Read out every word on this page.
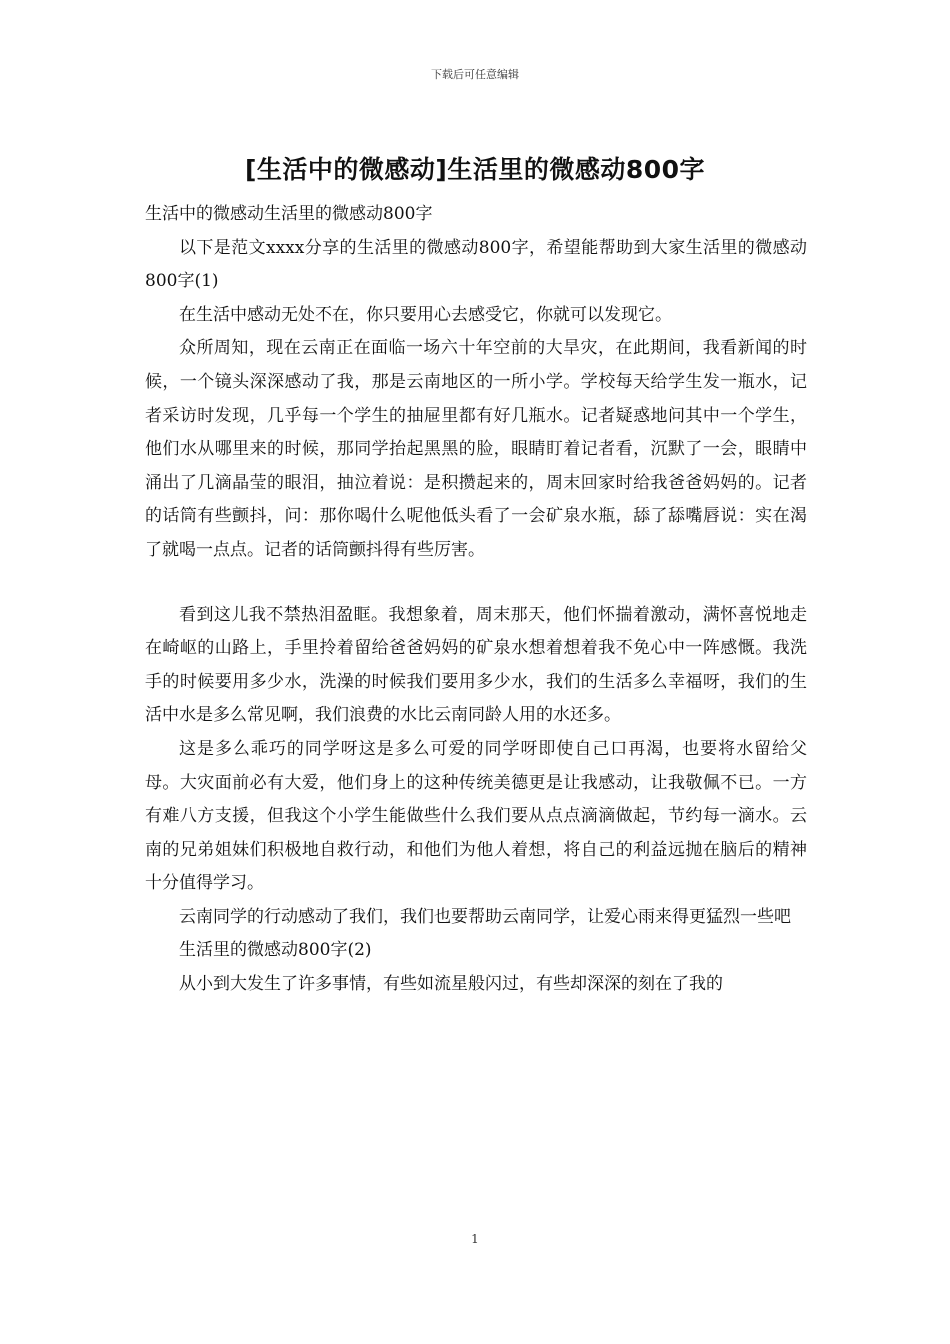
下载后可任意编辑
[生活中的微感动]生活里的微感动800字

生活中的微感动生活里的微感动800字

以下是范文xxxx分享的生活里的微感动800字，希望能帮助到大家生活里的微感动800字(1)

在生活中感动无处不在，你只要用心去感受它，你就可以发现它。

众所周知，现在云南正在面临一场六十年空前的大旱灾，在此期间，我看新闻的时候，一个镜头深深感动了我，那是云南地区的一所小学。学校每天给学生发一瓶水，记者采访时发现，几乎每一个学生的抽屉里都有好几瓶水。记者疑惑地问其中一个学生，他们水从哪里来的时候，那同学抬起黑黑的脸，眼睛盯着记者看，沉默了一会，眼睛中涌出了几滴晶莹的眼泪，抽泣着说：是积攒起来的，周末回家时给我爸爸妈妈的。记者的话筒有些颤抖，问：那你喝什么呢他低头看了一会矿泉水瓶，舔了舔嘴唇说：实在渴了就喝一点点。记者的话筒颤抖得有些厉害。

看到这儿我不禁热泪盈眶。我想象着，周末那天，他们怀揣着激动，满怀喜悦地走在崎岖的山路上，手里拎着留给爸爸妈妈的矿泉水想着想着我不免心中一阵感慨。我洗手的时候要用多少水，洗澡的时候我们要用多少水，我们的生活多么幸福呀，我们的生活中水是多么常见啊，我们浪费的水比云南同龄人用的水还多。

这是多么乖巧的同学呀这是多么可爱的同学呀即使自己口再渴，也要将水留给父母。大灾面前必有大爱，他们身上的这种传统美德更是让我感动，让我敬佩不已。一方有难八方支援，但我这个小学生能做些什么我们要从点点滴滴做起，节约每一滴水。云南的兄弟姐妹们积极地自救行动，和他们为他人着想，将自己的利益远抛在脑后的精神十分值得学习。

云南同学的行动感动了我们，我们也要帮助云南同学，让爱心雨来得更猛烈一些吧

生活里的微感动800字(2)

从小到大发生了许多事情，有些如流星般闪过，有些却深深的刻在了我的

1
